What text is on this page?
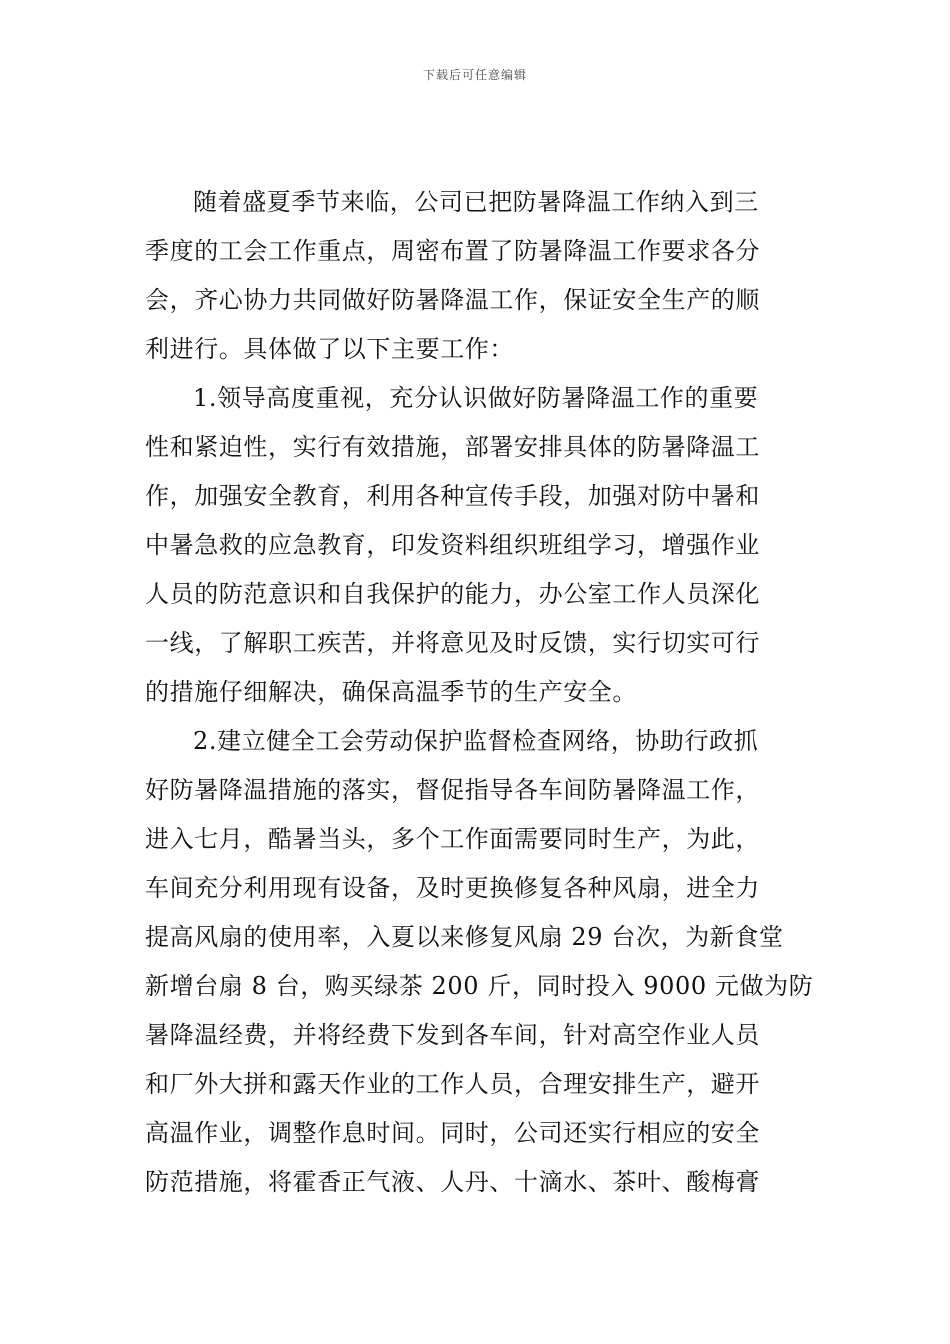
下载后可任意编辑
随着盛夏季节来临，公司已把防暑降温工作纳入到三
季度的工会工作重点，周密布置了防暑降温工作要求各分
会，齐心协力共同做好防暑降温工作，保证安全生产的顺
利进行。具体做了以下主要工作：
1.领导高度重视，充分认识做好防暑降温工作的重要
性和紧迫性，实行有效措施，部署安排具体的防暑降温工
作，加强安全教育，利用各种宣传手段，加强对防中暑和
中暑急救的应急教育，印发资料组织班组学习，增强作业
人员的防范意识和自我保护的能力，办公室工作人员深化
一线，了解职工疾苦，并将意见及时反馈，实行切实可行
的措施仔细解决，确保高温季节的生产安全。
2.建立健全工会劳动保护监督检查网络，协助行政抓
好防暑降温措施的落实，督促指导各车间防暑降温工作，
进入七月，酷暑当头，多个工作面需要同时生产，为此，
车间充分利用现有设备，及时更换修复各种风扇，进全力
提高风扇的使用率，入夏以来修复风扇 29 台次，为新食堂
新增台扇 8 台，购买绿茶 200 斤，同时投入 9000 元做为防
暑降温经费，并将经费下发到各车间，针对高空作业人员
和厂外大拼和露天作业的工作人员，合理安排生产，避开
高温作业，调整作息时间。同时，公司还实行相应的安全
防范措施，将霍香正气液、人丹、十滴水、茶叶、酸梅膏
